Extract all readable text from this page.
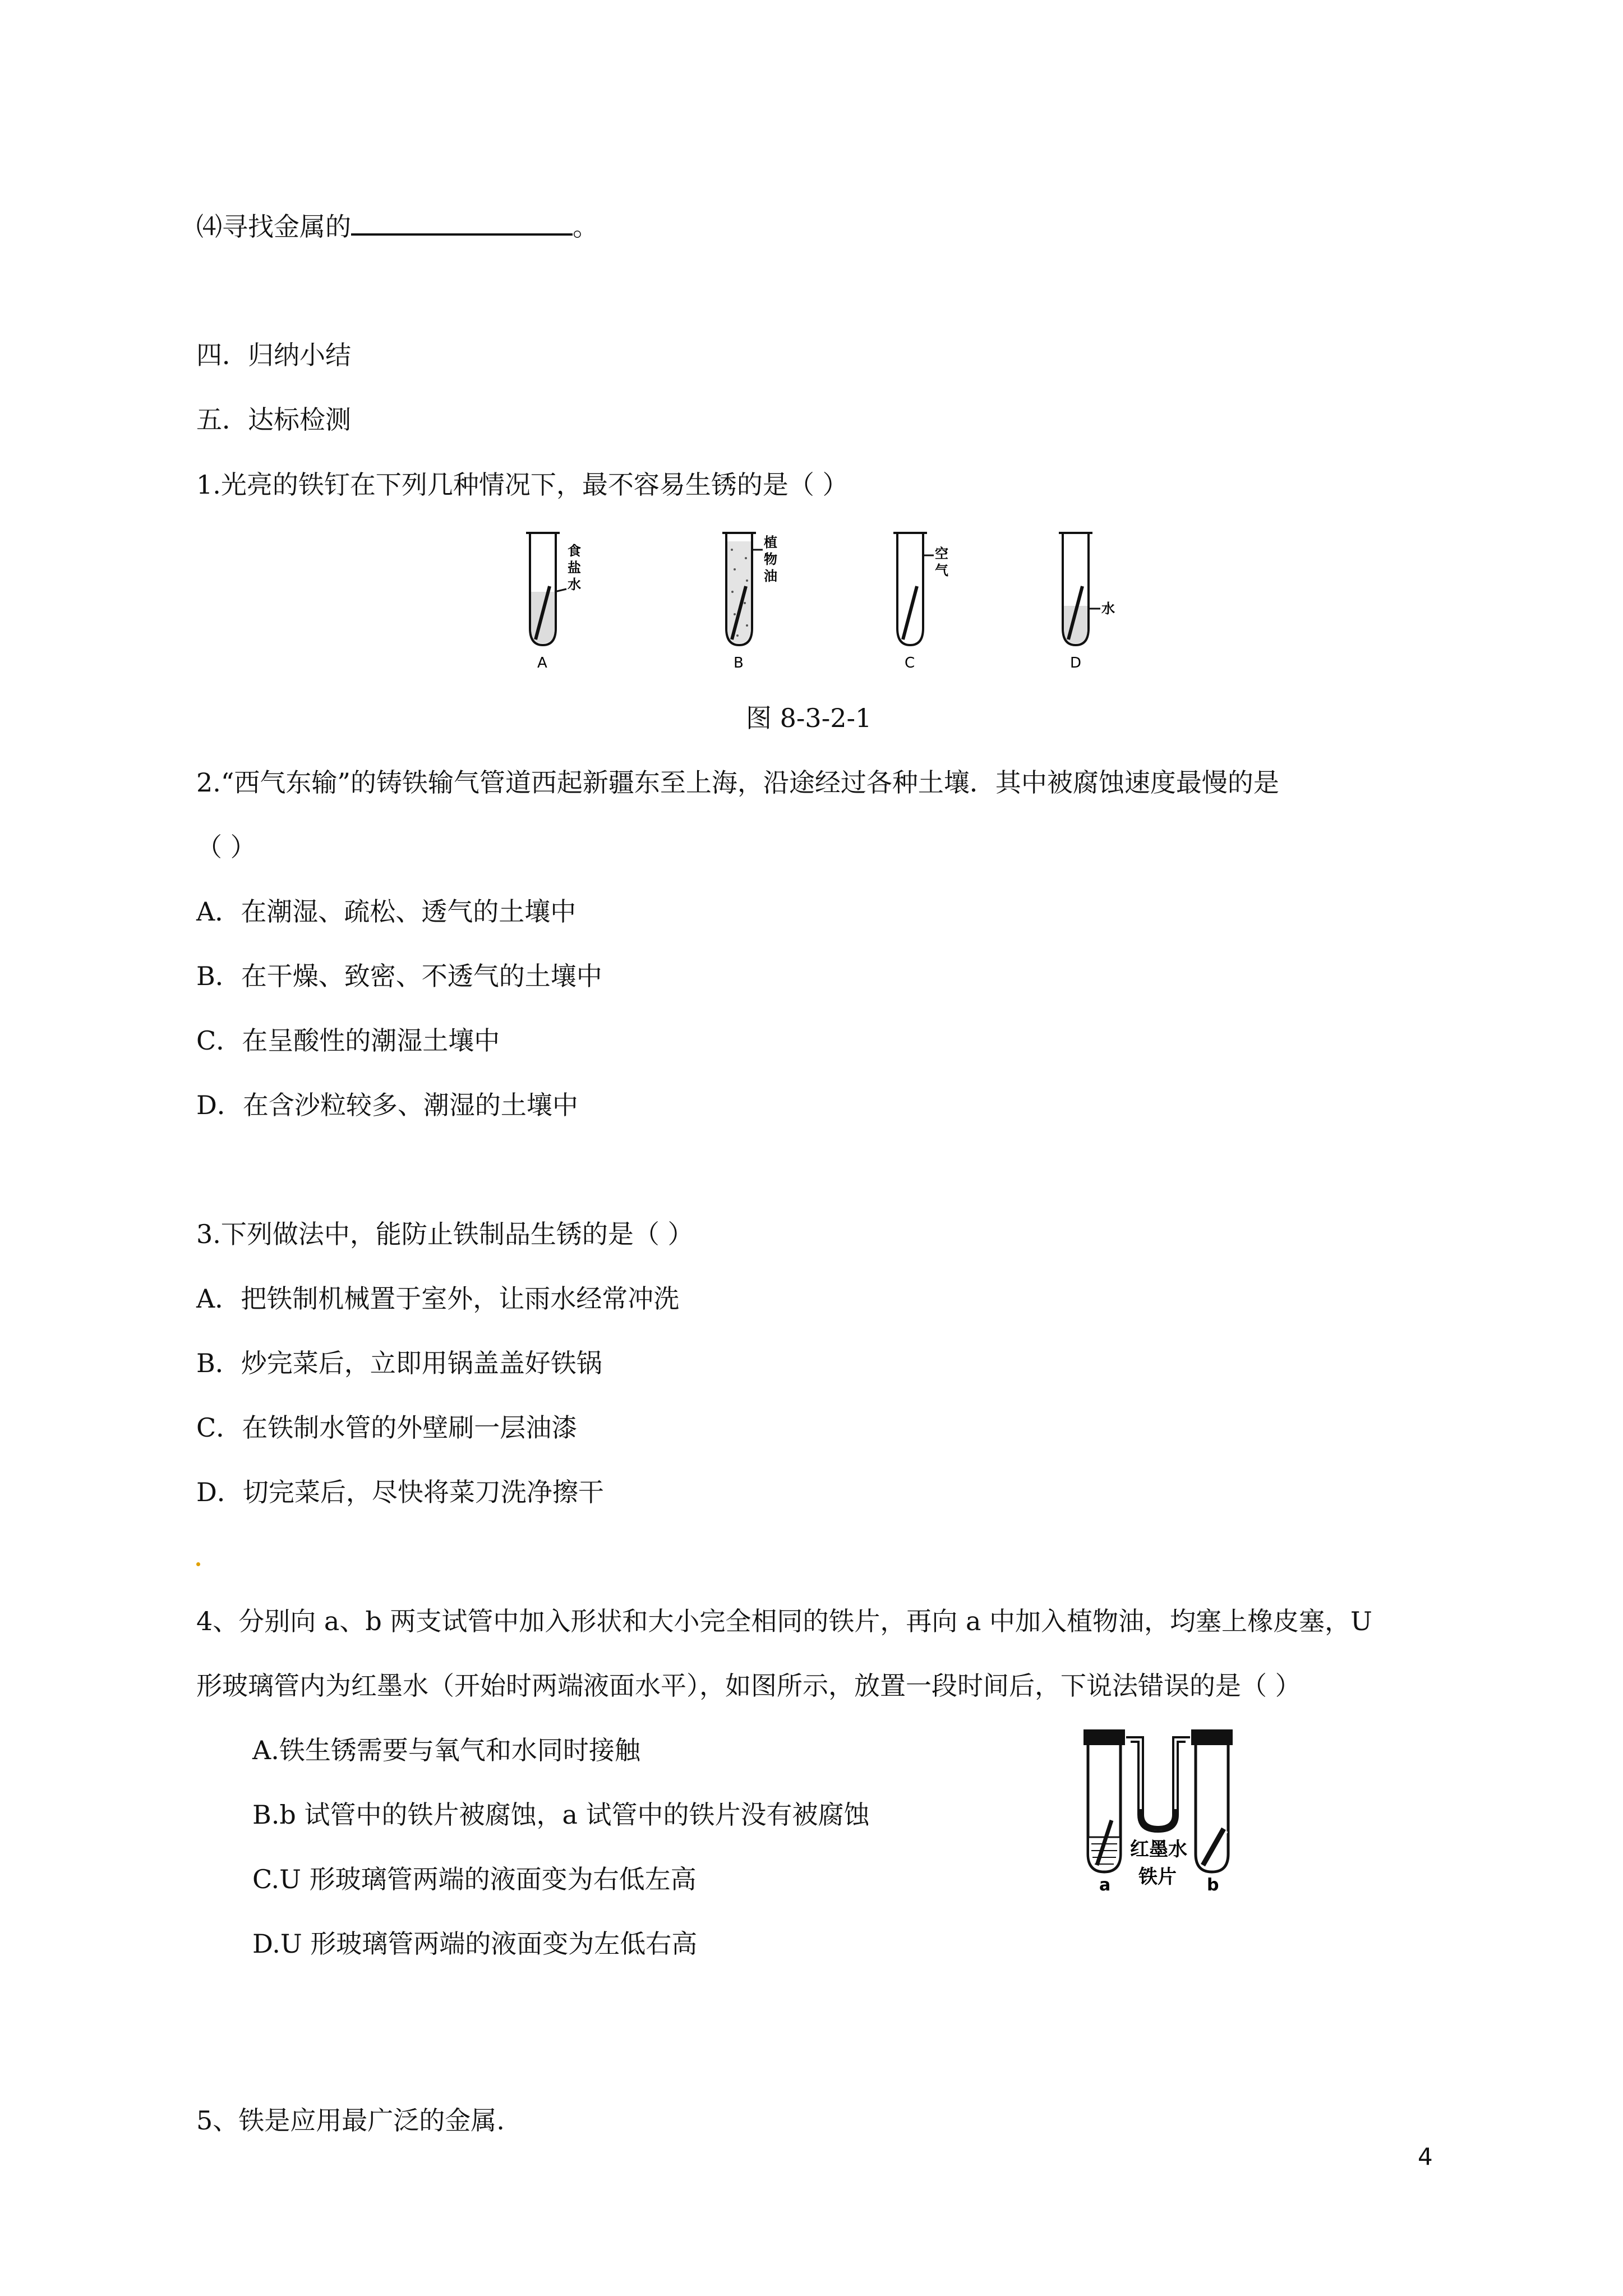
⑷寻找金属的	。
四．归纳小结
五．达标检测
1.光亮的铁钉在下列几种情况下，最不容易生锈的是（ ）
食
盐
水
A
植
物
油
B
空
气
C
水
D
图 8-3-2-1
2.“西气东输”的铸铁输气管道西起新疆东至上海，沿途经过各种土壤．其中被腐蚀速度最慢的是
（ ）
A．在潮湿、疏松、透气的土壤中
B．在干燥、致密、不透气的土壤中
C．在呈酸性的潮湿土壤中
D．在含沙粒较多、潮湿的土壤中
3.下列做法中，能防止铁制品生锈的是（ ）
A．把铁制机械置于室外，让雨水经常冲洗
B．炒完菜后，立即用锅盖盖好铁锅
C．在铁制水管的外壁刷一层油漆
D．切完菜后，尽快将菜刀洗净擦干
4、分别向 a、b 两支试管中加入形状和大小完全相同的铁片，再向 a 中加入植物油，均塞上橡皮塞，U
形玻璃管内为红墨水（开始时两端液面水平），如图所示，放置一段时间后，下说法错误的是（ ）
A.铁生锈需要与氧气和水同时接触
B.b 试管中的铁片被腐蚀，a 试管中的铁片没有被腐蚀
C.U 形玻璃管两端的液面变为右低左高
D.U 形玻璃管两端的液面变为左低右高
红墨水
铁片
a	b
5、铁是应用最广泛的金属.
4
